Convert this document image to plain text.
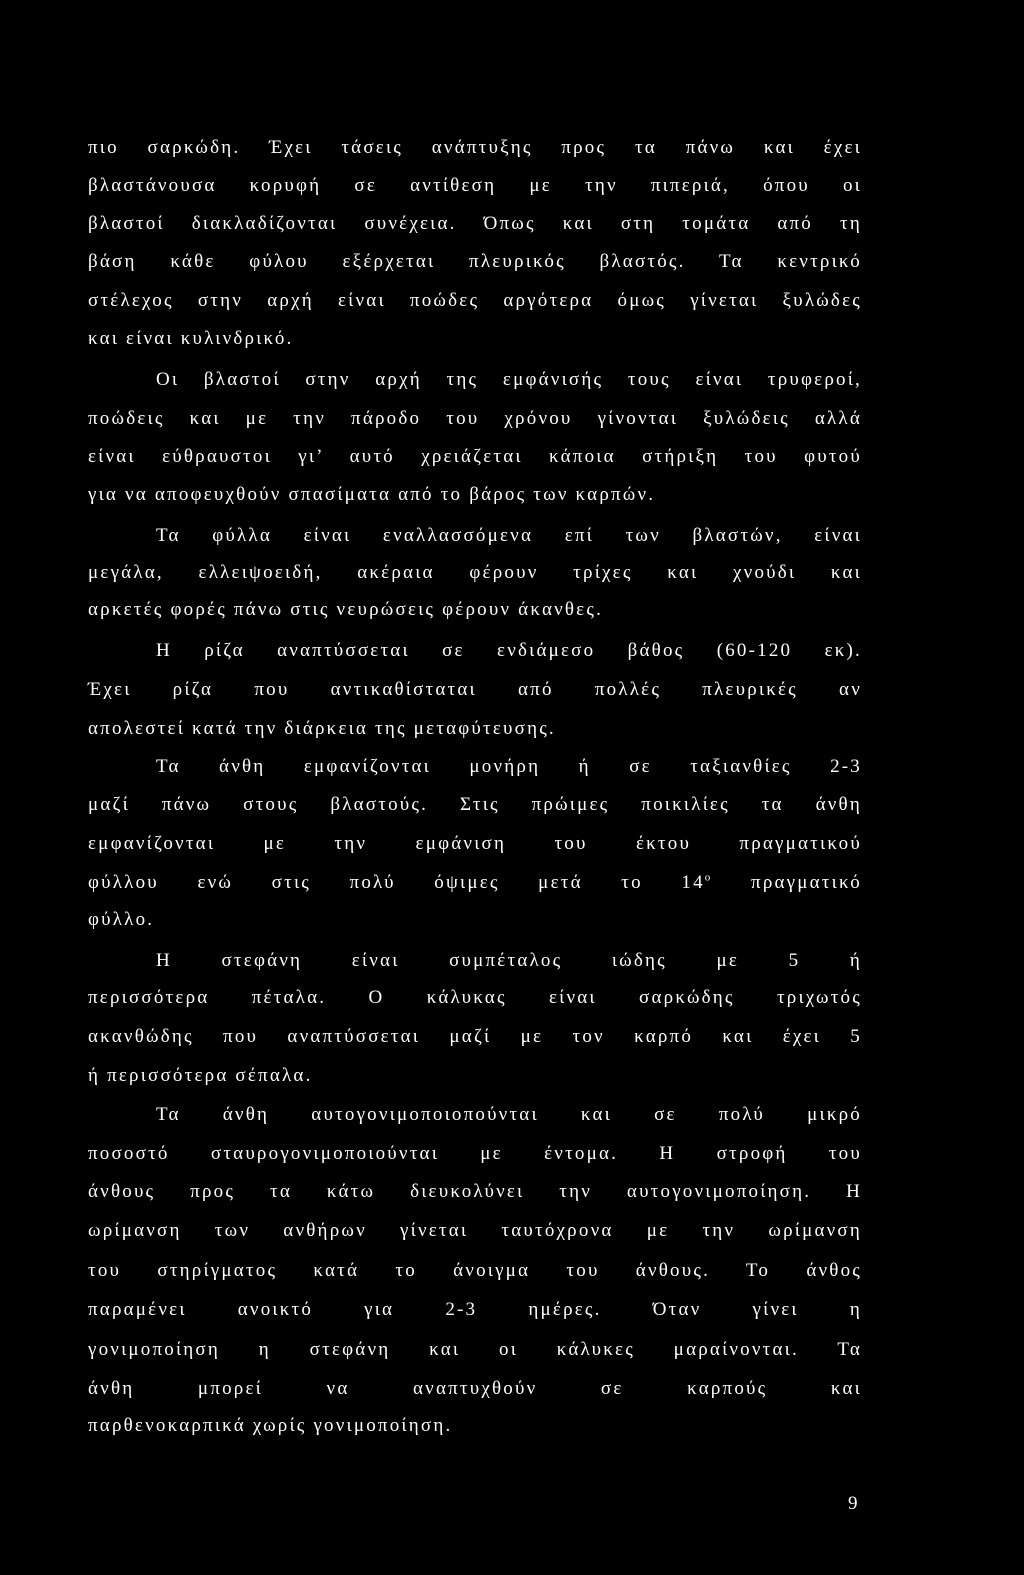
πιο σαρκώδη. Έχει τάσεις ανάπτυξης προς τα πάνω και έχει
βλαστάνουσα κορυφή σε αντίθεση με την πιπεριά, όπου οι
βλαστοί διακλαδίζονται συνέχεια. Όπως και στη τομάτα από τη
βάση κάθε φύλου εξέρχεται πλευρικός βλαστός. Τα κεντρικό
στέλεχος στην αρχή είναι ποώδες αργότερα όμως γίνεται ξυλώδες
και είναι κυλινδρικό.
Οι βλαστοί στην αρχή της εμφάνισής τους είναι τρυφεροί,
ποώδεις και με την πάροδο του χρόνου γίνονται ξυλώδεις αλλά
είναι εύθραυστοι γι’ αυτό χρειάζεται κάποια στήριξη του φυτού
για να αποφευχθούν σπασίματα από το βάρος των καρπών.
Τα φύλλα είναι εναλλασσόμενα επί των βλαστών, είναι
μεγάλα, ελλειψοειδή, ακέραια φέρουν τρίχες και χνούδι και
αρκετές φορές πάνω στις νευρώσεις φέρουν άκανθες.
Η ρίζα αναπτύσσεται σε ενδιάμεσο βάθος (60-120 εκ).
Έχει ρίζα που αντικαθίσταται από πολλές πλευρικές αν
απολεστεί κατά την διάρκεια της μεταφύτευσης.
Τα άνθη εμφανίζονται μονήρη ή σε ταξιανθίες 2-3
μαζί πάνω στους βλαστούς. Στις πρώιμες ποικιλίες τα άνθη
εμφανίζονται με την εμφάνιση του έκτου πραγματικού
φύλλου ενώ στις πολύ όψιμες μετά το $14^o$ πραγματικό
φύλλο.
Η στεφάνη είναι συμπέταλος ιώδης με 5 ή
περισσότερα πέταλα. Ο κάλυκας είναι σαρκώδης τριχωτός
ακανθώδης που αναπτύσσεται μαζί με τον καρπό και έχει 5
ή περισσότερα σέπαλα.
Τα άνθη αυτογονιμοποιοπούνται και σε πολύ μικρό
ποσοστό σταυρογονιμοποιούνται με έντομα. Η στροφή του
άνθους προς τα κάτω διευκολύνει την αυτογονιμοποίηση. Η
ωρίμανση των ανθήρων γίνεται ταυτόχρονα με την ωρίμανση
του στηρίγματος κατά το άνοιγμα του άνθους. Το άνθος
παραμένει ανοικτό για 2-3 ημέρες. Όταν γίνει η
γονιμοποίηση η στεφάνη και οι κάλυκες μαραίνονται. Τα
άνθη μπορεί να αναπτυχθούν σε καρπούς και
παρθενοκαρπικά χωρίς γονιμοποίηση.
9
